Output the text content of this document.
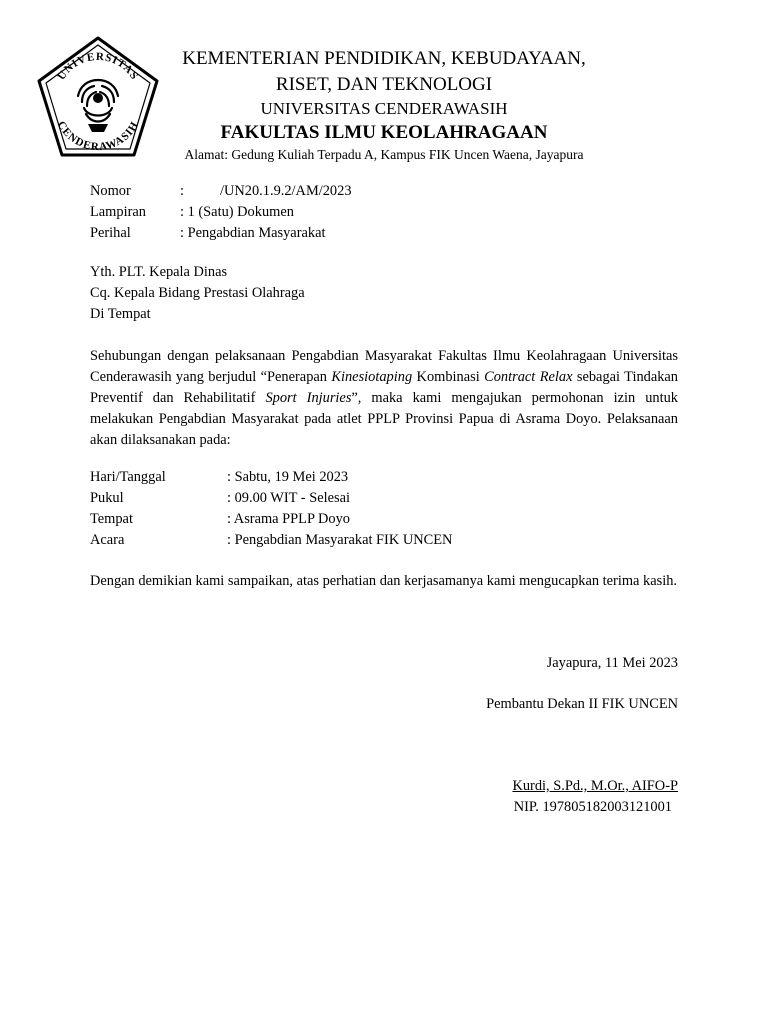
UNIVERSITAS
CENDERAWASIH
KEMENTERIAN PENDIDIKAN, KEBUDAYAAN,
RISET, DAN TEKNOLOGI
UNIVERSITAS CENDERAWASIH
FAKULTAS ILMU KEOLAHRAGAAN
Alamat: Gedung Kuliah Terpadu A, Kampus FIK Uncen Waena, Jayapura
Nomor	:	/UN20.1.9.2/AM/2023
Lampiran	: 1 (Satu) Dokumen
Perihal	: Pengabdian Masyarakat
Yth. PLT. Kepala Dinas
Cq. Kepala Bidang Prestasi Olahraga
Di Tempat

Sehubungan dengan pelaksanaan Pengabdian Masyarakat Fakultas Ilmu Keolahragaan Universitas Cenderawasih yang berjudul “Penerapan Kinesiotaping Kombinasi Contract Relax sebagai Tindakan Preventif dan Rehabilitatif Sport Injuries”, maka kami mengajukan permohonan izin untuk melakukan Pengabdian Masyarakat pada atlet PPLP Provinsi Papua di Asrama Doyo. Pelaksanaan akan dilaksanakan pada:

Hari/Tanggal	: Sabtu, 19 Mei 2023
Pukul	: 09.00 WIT - Selesai
Tempat	: Asrama PPLP Doyo
Acara	: Pengabdian Masyarakat FIK UNCEN

Dengan demikian kami sampaikan, atas perhatian dan kerjasamanya kami mengucapkan terima kasih.

Jayapura, 11 Mei 2023
Pembantu Dekan II FIK UNCEN
Kurdi, S.Pd., M.Or., AIFO-P
NIP. 197805182003121001
